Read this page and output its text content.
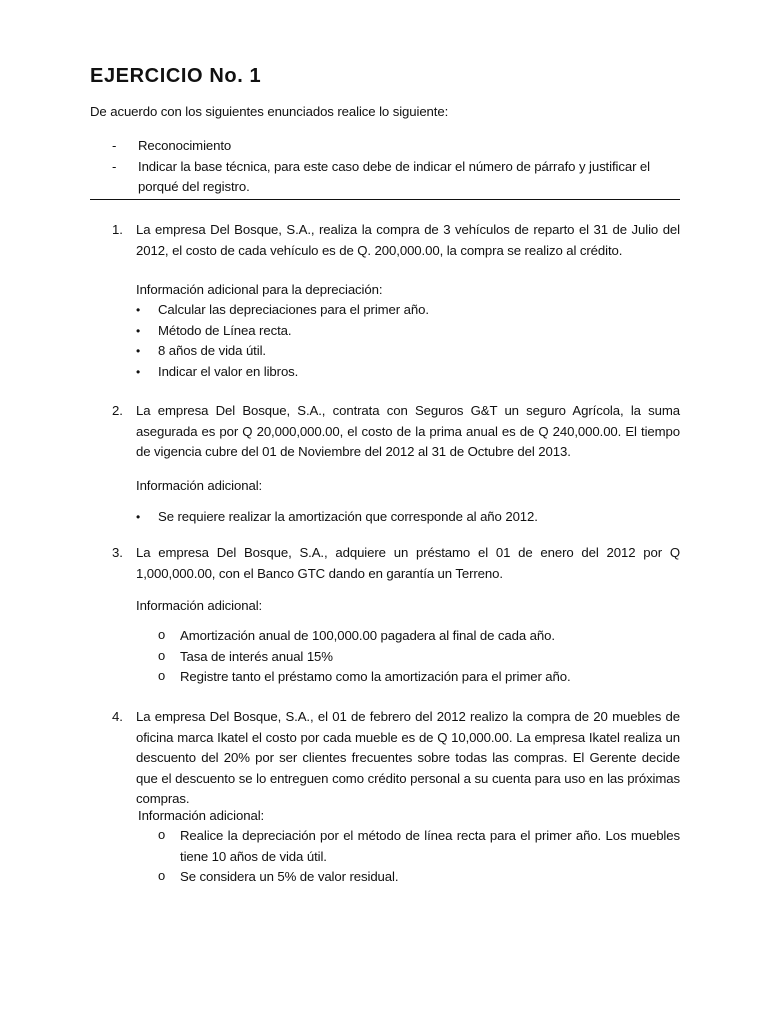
EJERCICIO No. 1
De acuerdo con los siguientes enunciados realice lo siguiente:
- Reconocimiento
- Indicar la base técnica, para este caso debe de indicar el número de párrafo y justificar el porqué del registro.
1. La empresa Del Bosque, S.A., realiza la compra de 3 vehículos de reparto el 31 de Julio del 2012, el costo de cada vehículo es de Q. 200,000.00, la compra se realizo al crédito.
Información adicional para la depreciación:
• Calcular las depreciaciones para el primer año.
• Método de Línea recta.
• 8 años de vida útil.
• Indicar el valor en libros.
2. La empresa Del Bosque, S.A., contrata con Seguros G&T un seguro Agrícola, la suma asegurada es por Q 20,000,000.00, el costo de la prima anual es de Q 240,000.00. El tiempo de vigencia cubre del 01 de Noviembre del 2012 al 31 de Octubre del 2013.
Información adicional:
• Se requiere realizar la amortización que corresponde al año 2012.
3. La empresa Del Bosque, S.A., adquiere un préstamo el 01 de enero del 2012 por Q 1,000,000.00, con el Banco GTC dando en garantía un Terreno.
Información adicional:
o Amortización anual de 100,000.00 pagadera al final de cada año.
o Tasa de interés anual 15%
o Registre tanto el préstamo como la amortización para el primer año.
4. La empresa Del Bosque, S.A., el 01 de febrero del 2012 realizo la compra de 20 muebles de oficina marca Ikatel el costo por cada mueble es de Q 10,000.00. La empresa Ikatel realiza un descuento del 20% por ser clientes frecuentes sobre todas las compras. El Gerente decide que el descuento se lo entreguen como crédito personal a su cuenta para uso en las próximas compras.
Información adicional:
o Realice la depreciación por el método de línea recta para el primer año. Los muebles tiene 10 años de vida útil.
o Se considera un 5% de valor residual.
